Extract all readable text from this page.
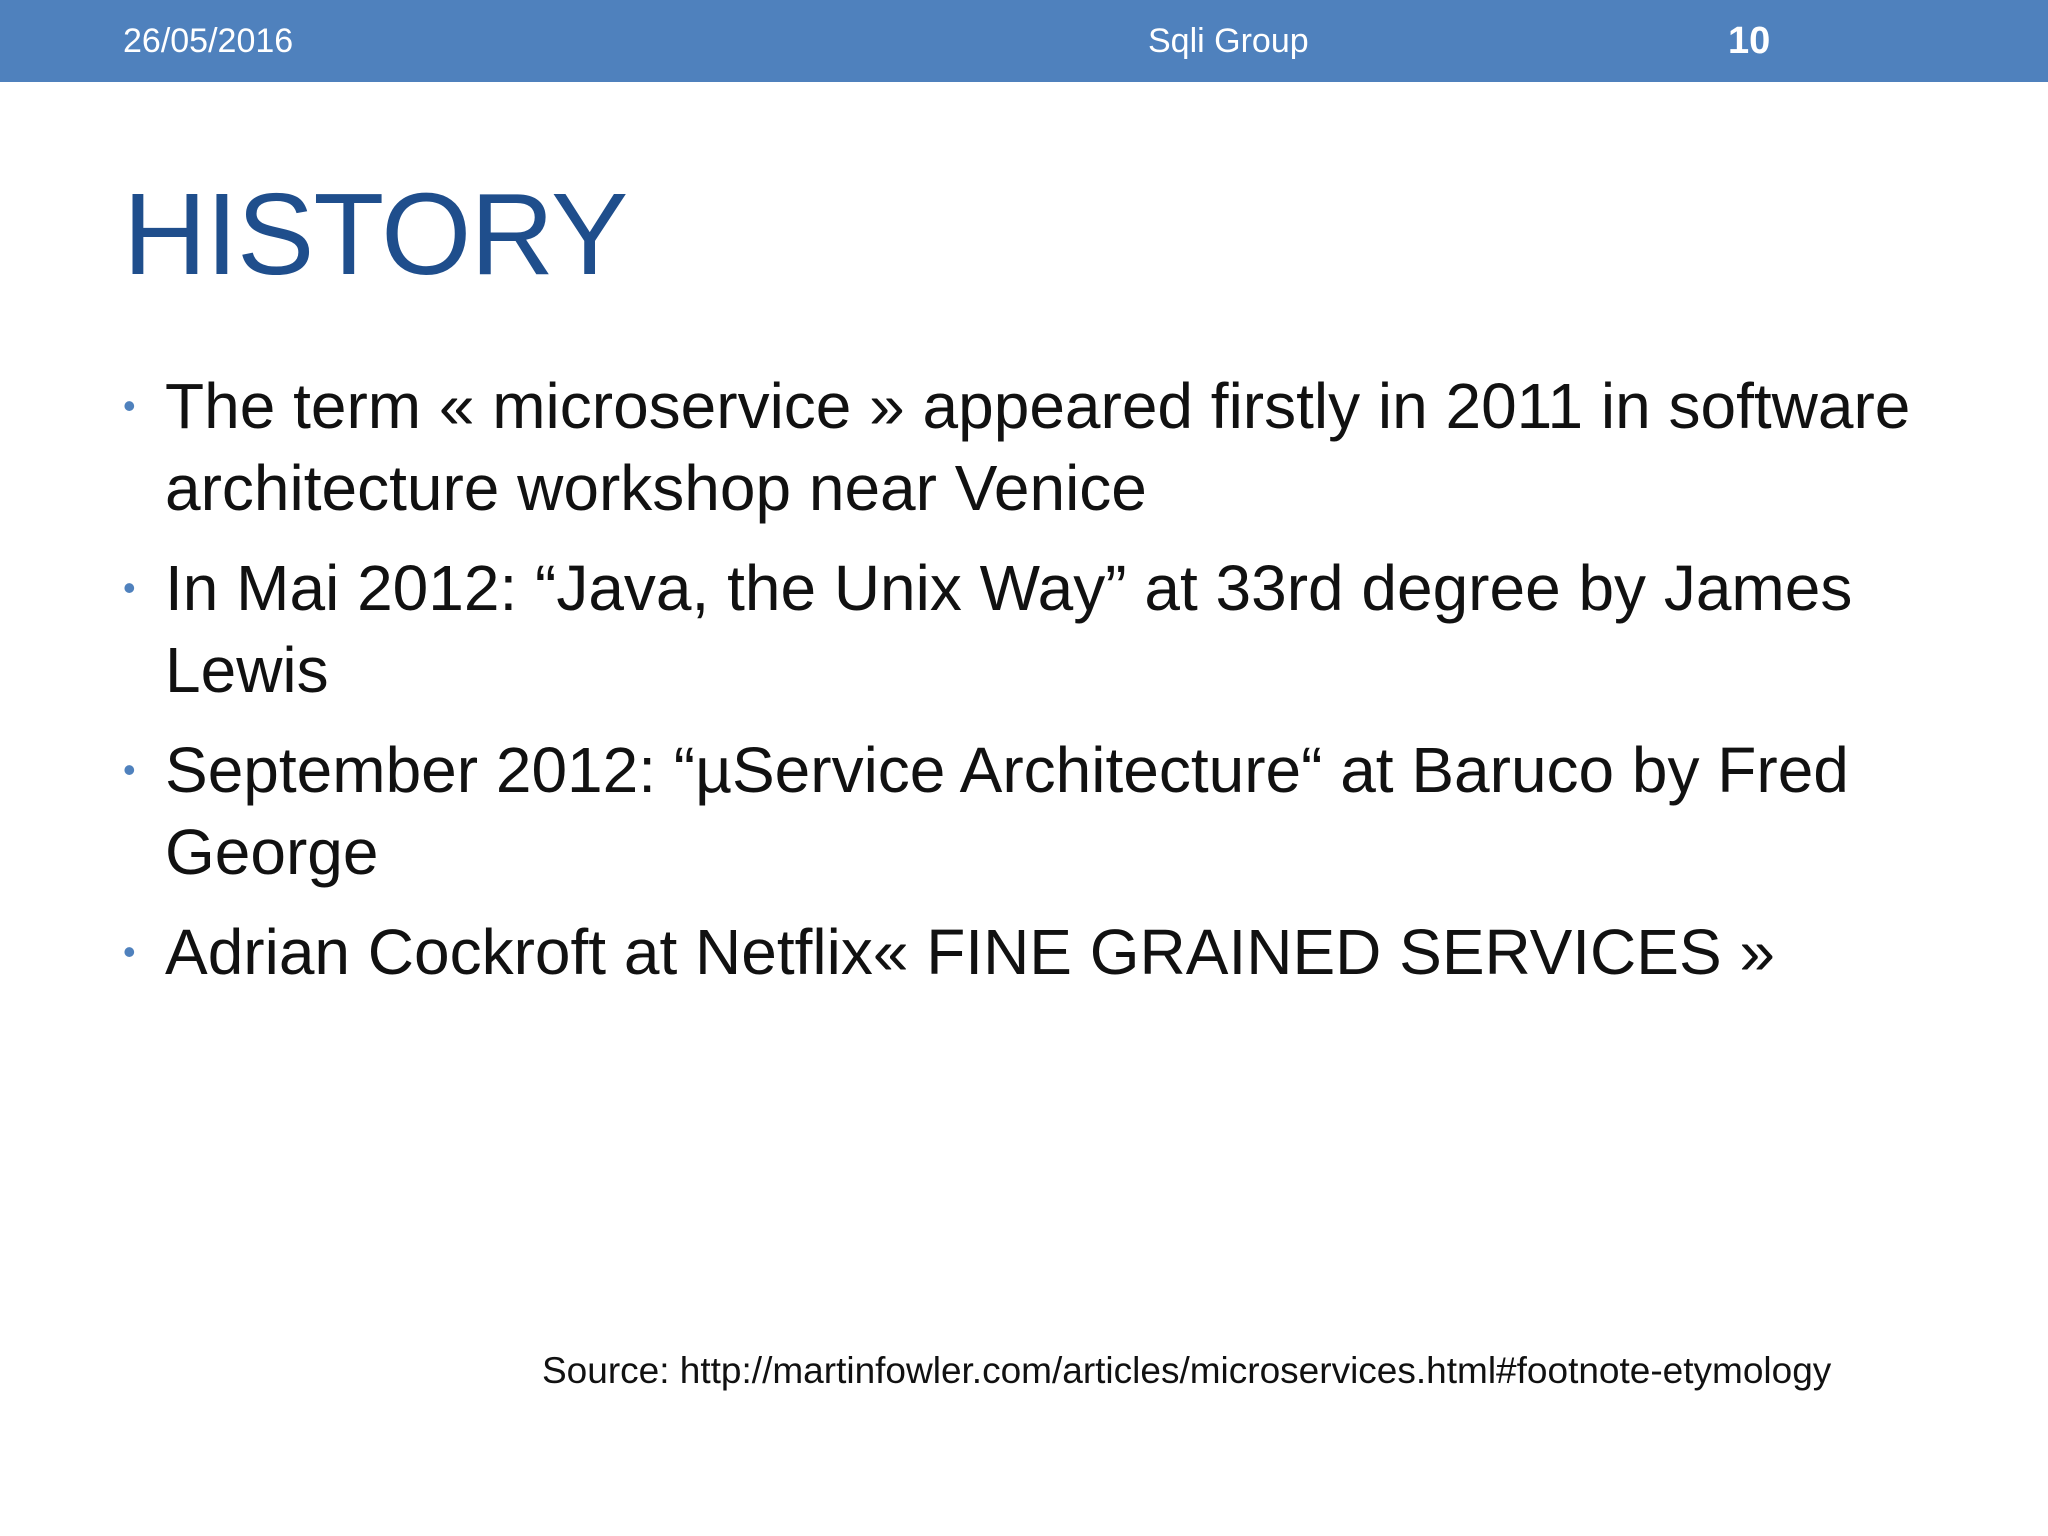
26/05/2016	Sqli Group	10
HISTORY
• The term « microservice » appeared firstly in 2011 in software architecture workshop near Venice
• In Mai 2012: “Java, the Unix Way” at 33rd degree by James Lewis
• September 2012: “µService Architecture“ at Baruco by Fred George
• Adrian Cockroft at Netflix« FINE GRAINED SERVICES »
Source: http://martinfowler.com/articles/microservices.html#footnote-etymology
